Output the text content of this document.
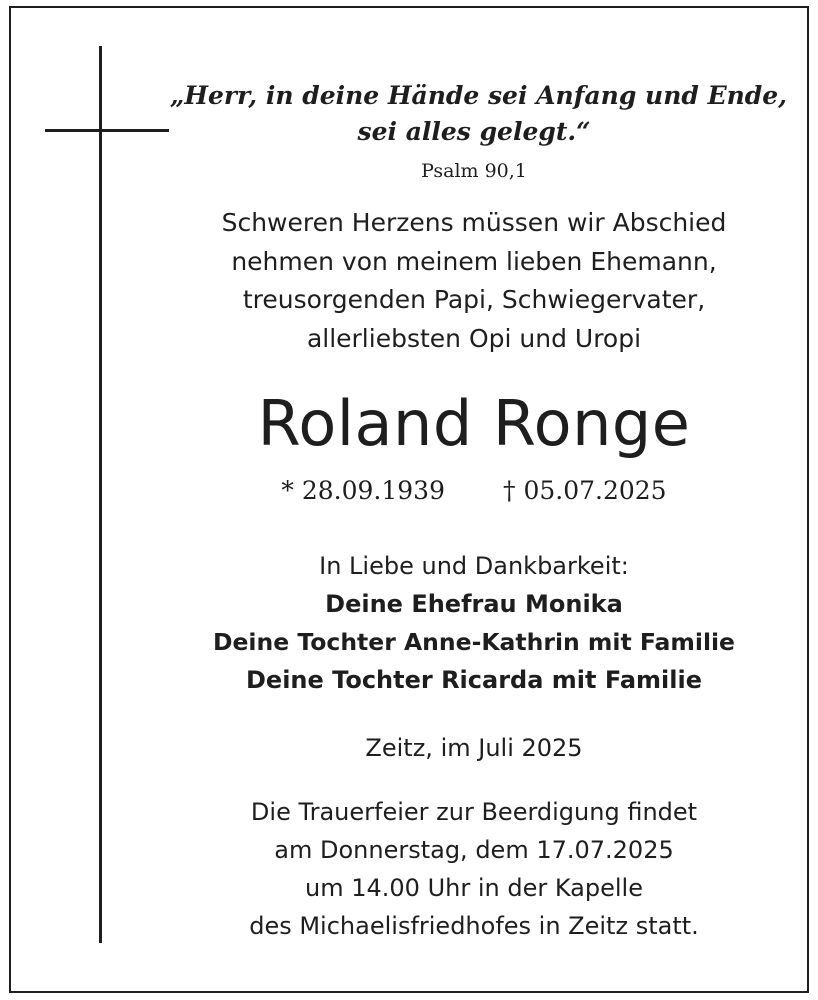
„Herr, in deine Hände sei Anfang und Ende,
sei alles gelegt.“
Psalm 90,1
Schweren Herzens müssen wir Abschied
nehmen von meinem lieben Ehemann,
treusorgenden Papi, Schwiegervater,
allerliebsten Opi und Uropi
Roland Ronge
* 28.09.1939 † 05.07.2025
In Liebe und Dankbarkeit:
Deine Ehefrau Monika
Deine Tochter Anne-Kathrin mit Familie
Deine Tochter Ricarda mit Familie
Zeitz, im Juli 2025
Die Trauerfeier zur Beerdigung findet
am Donnerstag, dem 17.07.2025
um 14.00 Uhr in der Kapelle
des Michaelisfriedhofes in Zeitz statt.
